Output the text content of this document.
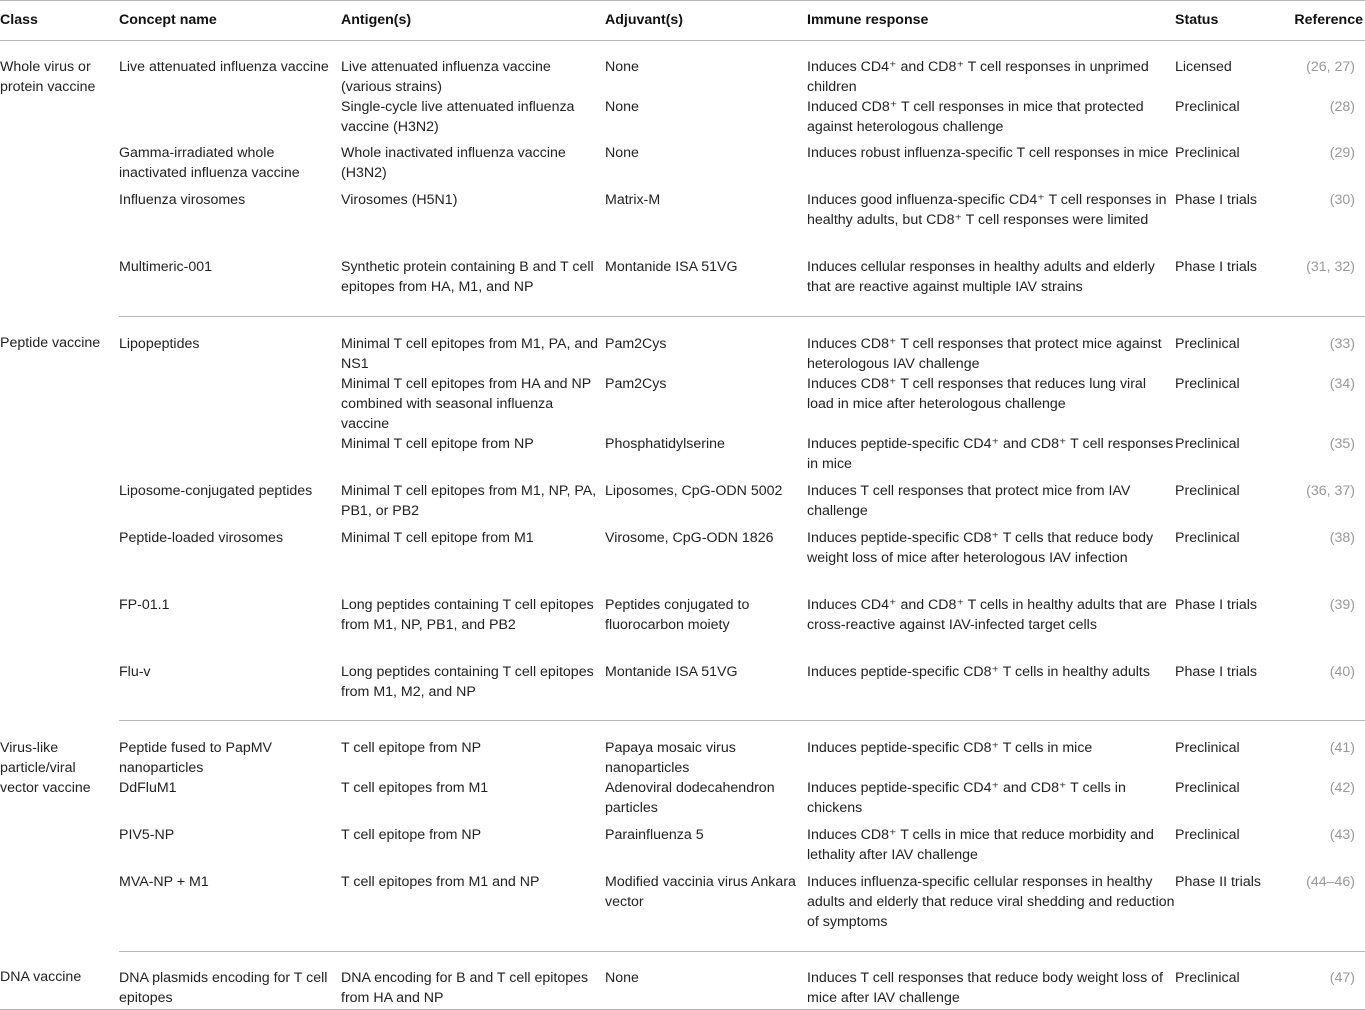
Class	Concept name	Antigen(s)	Adjuvant(s)	Immune response	Status	Reference
Whole virus or protein vaccine	Live attenuated influenza vaccine	Live attenuated influenza vaccine (various strains)	None	Induces CD4⁺ and CD8⁺ T cell responses in unprimed children	Licensed	(26, 27)
		Single-cycle live attenuated influenza vaccine (H3N2)	None	Induced CD8⁺ T cell responses in mice that protected against heterologous challenge	Preclinical	(28)
	Gamma-irradiated whole inactivated influenza vaccine	Whole inactivated influenza vaccine (H3N2)	None	Induces robust influenza-specific T cell responses in mice	Preclinical	(29)
	Influenza virosomes	Virosomes (H5N1)	Matrix-M	Induces good influenza-specific CD4⁺ T cell responses in healthy adults, but CD8⁺ T cell responses were limited	Phase I trials	(30)
	Multimeric-001	Synthetic protein containing B and T cell epitopes from HA, M1, and NP	Montanide ISA 51VG	Induces cellular responses in healthy adults and elderly that are reactive against multiple IAV strains	Phase I trials	(31, 32)
Peptide vaccine	Lipopeptides	Minimal T cell epitopes from M1, PA, and NS1	Pam2Cys	Induces CD8⁺ T cell responses that protect mice against heterologous IAV challenge	Preclinical	(33)
		Minimal T cell epitopes from HA and NP combined with seasonal influenza vaccine	Pam2Cys	Induces CD8⁺ T cell responses that reduces lung viral load in mice after heterologous challenge	Preclinical	(34)
		Minimal T cell epitope from NP	Phosphatidylserine	Induces peptide-specific CD4⁺ and CD8⁺ T cell responses in mice	Preclinical	(35)
	Liposome-conjugated peptides	Minimal T cell epitopes from M1, NP, PA, PB1, or PB2	Liposomes, CpG-ODN 5002	Induces T cell responses that protect mice from IAV challenge	Preclinical	(36, 37)
	Peptide-loaded virosomes	Minimal T cell epitope from M1	Virosome, CpG-ODN 1826	Induces peptide-specific CD8⁺ T cells that reduce body weight loss of mice after heterologous IAV infection	Preclinical	(38)
	FP-01.1	Long peptides containing T cell epitopes from M1, NP, PB1, and PB2	Peptides conjugated to fluorocarbon moiety	Induces CD4⁺ and CD8⁺ T cells in healthy adults that are cross-reactive against IAV-infected target cells	Phase I trials	(39)
	Flu-v	Long peptides containing T cell epitopes from M1, M2, and NP	Montanide ISA 51VG	Induces peptide-specific CD8⁺ T cells in healthy adults	Phase I trials	(40)
Virus-like particle/viral vector vaccine	Peptide fused to PapMV nanoparticles	T cell epitope from NP	Papaya mosaic virus nanoparticles	Induces peptide-specific CD8⁺ T cells in mice	Preclinical	(41)
	DdFluM1	T cell epitopes from M1	Adenoviral dodecahendron particles	Induces peptide-specific CD4⁺ and CD8⁺ T cells in chickens	Preclinical	(42)
	PIV5-NP	T cell epitope from NP	Parainfluenza 5	Induces CD8⁺ T cells in mice that reduce morbidity and lethality after IAV challenge	Preclinical	(43)
	MVA-NP + M1	T cell epitopes from M1 and NP	Modified vaccinia virus Ankara vector	Induces influenza-specific cellular responses in healthy adults and elderly that reduce viral shedding and reduction of symptoms	Phase II trials	(44–46)
DNA vaccine	DNA plasmids encoding for T cell epitopes	DNA encoding for B and T cell epitopes from HA and NP	None	Induces T cell responses that reduce body weight loss of mice after IAV challenge	Preclinical	(47)
